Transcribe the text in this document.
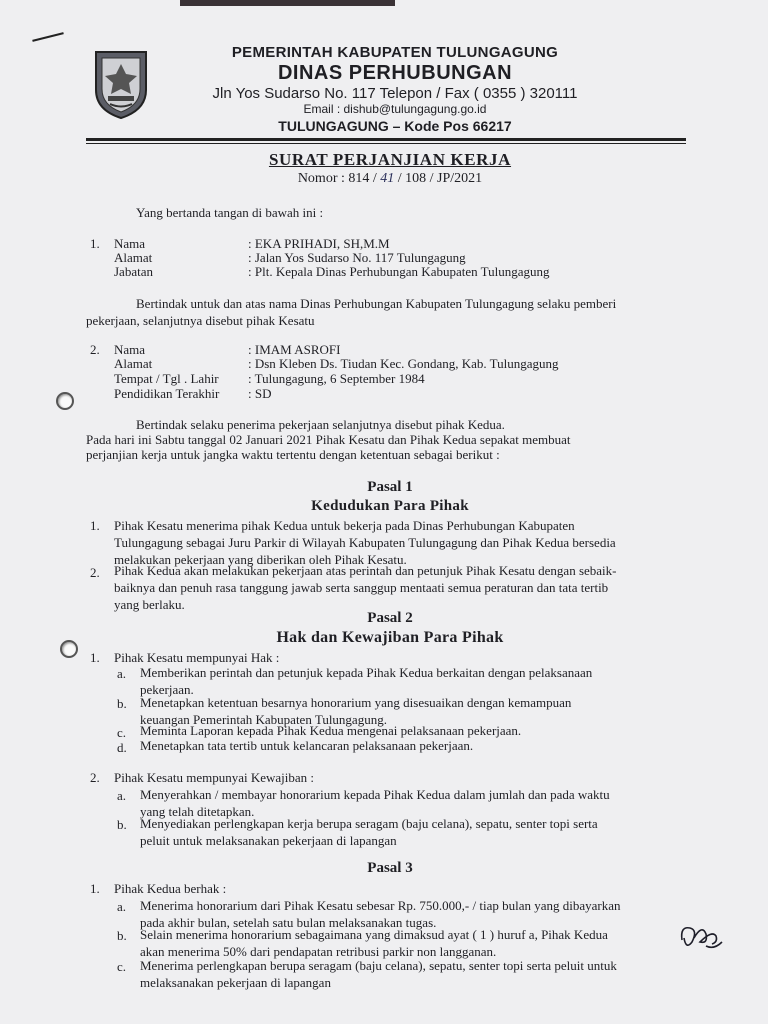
PEMERINTAH KABUPATEN TULUNGAGUNG
DINAS PERHUBUNGAN
Jln Yos Sudarso No. 117 Telepon / Fax ( 0355 ) 320111
Email : dishub@tulungagung.go.id
TULUNGAGUNG – Kode Pos 66217
SURAT PERJANJIAN KERJA
Nomor : 814 / 41 / 108 / JP/2021
Yang bertanda tangan di bawah ini :
1. Nama	: EKA PRIHADI, SH,M.M
Alamat	: Jalan Yos Sudarso No. 117 Tulungagung
Jabatan	: Plt. Kepala Dinas Perhubungan Kabupaten Tulungagung
Bertindak untuk dan atas nama Dinas Perhubungan Kabupaten Tulungagung selaku pemberi
pekerjaan, selanjutnya disebut pihak Kesatu
2. Nama	: IMAM ASROFI
Alamat	: Dsn Kleben Ds. Tiudan Kec. Gondang, Kab. Tulungagung
Tempat / Tgl . Lahir : Tulungagung, 6 September 1984
Pendidikan Terakhir : SD
Bertindak selaku penerima pekerjaan selanjutnya disebut pihak Kedua.
Pada hari ini Sabtu tanggal 02 Januari 2021 Pihak Kesatu dan Pihak Kedua sepakat membuat
perjanjian kerja untuk jangka waktu tertentu dengan ketentuan sebagai berikut :
Pasal 1
Kedudukan Para Pihak
1. Pihak Kesatu menerima pihak Kedua untuk bekerja pada Dinas Perhubungan Kabupaten
Tulungagung sebagai Juru Parkir di Wilayah Kabupaten Tulungagung dan Pihak Kedua bersedia
melakukan pekerjaan yang diberikan oleh Pihak Kesatu.
2. Pihak Kedua akan melakukan pekerjaan atas perintah dan petunjuk Pihak Kesatu dengan sebaik-
baiknya dan penuh rasa tanggung jawab serta sanggup mentaati semua peraturan dan tata tertib
yang berlaku.
Pasal 2
Hak dan Kewajiban Para Pihak
1. Pihak Kesatu mempunyai Hak :
a. Memberikan perintah dan petunjuk kepada Pihak Kedua berkaitan dengan pelaksanaan
pekerjaan.
b. Menetapkan ketentuan besarnya honorarium yang disesuaikan dengan kemampuan
keuangan Pemerintah Kabupaten Tulungagung.
c. Meminta Laporan kepada Pihak Kedua mengenai pelaksanaan pekerjaan.
d. Menetapkan tata tertib untuk kelancaran pelaksanaan pekerjaan.
2. Pihak Kesatu mempunyai Kewajiban :
a. Menyerahkan / membayar honorarium kepada Pihak Kedua dalam jumlah dan pada waktu
yang telah ditetapkan.
b. Menyediakan perlengkapan kerja berupa seragam (baju celana), sepatu, senter topi serta
peluit untuk melaksanakan pekerjaan di lapangan
Pasal 3
1. Pihak Kedua berhak :
a. Menerima honorarium dari Pihak Kesatu sebesar Rp. 750.000,- / tiap bulan yang dibayarkan
pada akhir bulan, setelah satu bulan melaksanakan tugas.
b. Selain menerima honorarium sebagaimana yang dimaksud ayat ( 1 ) huruf a, Pihak Kedua
akan menerima 50% dari pendapatan retribusi parkir non langganan.
c. Menerima perlengkapan berupa seragam (baju celana), sepatu, senter topi serta peluit untuk
melaksanakan pekerjaan di lapangan
